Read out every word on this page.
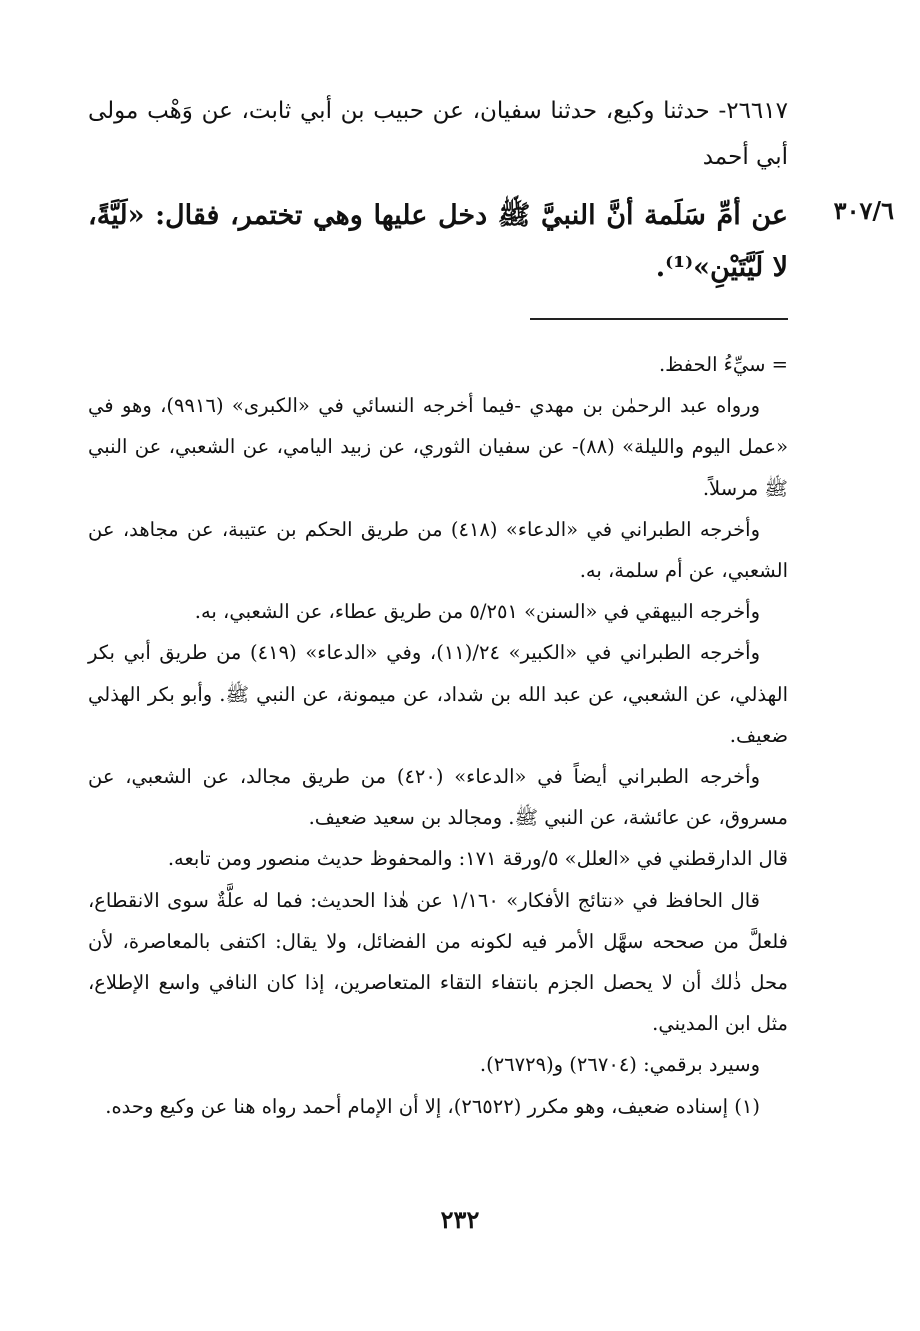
٣٠٧/٦
٢٦٦١٧- حدثنا وكيع، حدثنا سفيان، عن حبيب بن أبي ثابت، عن وَهْب مولى أبي أحمد
عن أمِّ سَلَمة أنَّ النبيَّ ﷺ دخل عليها وهي تختمر، فقال: «لَيَّةً، لا لَيَّتَيْنِ»⁽¹⁾.

= سيِّءُ الحفظ.

ورواه عبد الرحمٰن بن مهدي -فيما أخرجه النسائي في «الكبرى» (٩٩١٦)، وهو في «عمل اليوم والليلة» (٨٨)- عن سفيان الثوري، عن زبيد اليامي، عن الشعبي، عن النبي ﷺ مرسلاً.

وأخرجه الطبراني في «الدعاء» (٤١٨) من طريق الحكم بن عتيبة، عن مجاهد، عن الشعبي، عن أم سلمة، به.

وأخرجه البيهقي في «السنن» ٥/٢٥١ من طريق عطاء، عن الشعبي، به.

وأخرجه الطبراني في «الكبير» ٢٤/(١١)، وفي «الدعاء» (٤١٩) من طريق أبي بكر الهذلي، عن الشعبي، عن عبد الله بن شداد، عن ميمونة، عن النبي ﷺ. وأبو بكر الهذلي ضعيف.

وأخرجه الطبراني أيضاً في «الدعاء» (٤٢٠) من طريق مجالد، عن الشعبي، عن مسروق، عن عائشة، عن النبي ﷺ. ومجالد بن سعيد ضعيف.

قال الدارقطني في «العلل» ٥/ورقة ١٧١: والمحفوظ حديث منصور ومن تابعه.

قال الحافظ في «نتائج الأفكار» ١/١٦٠ عن هٰذا الحديث: فما له علَّةٌ سوى الانقطاع، فلعلَّ من صححه سهَّل الأمر فيه لكونه من الفضائل، ولا يقال: اكتفى بالمعاصرة، لأن محل ذٰلك أن لا يحصل الجزم بانتفاء التقاء المتعاصرين، إذا كان النافي واسع الإطلاع، مثل ابن المديني.

وسيرد برقمي: (٢٦٧٠٤) و(٢٦٧٢٩).

(١) إسناده ضعيف، وهو مكرر (٢٦٥٢٢)، إلا أن الإمام أحمد رواه هنا عن وكيع وحده.

٢٣٢
